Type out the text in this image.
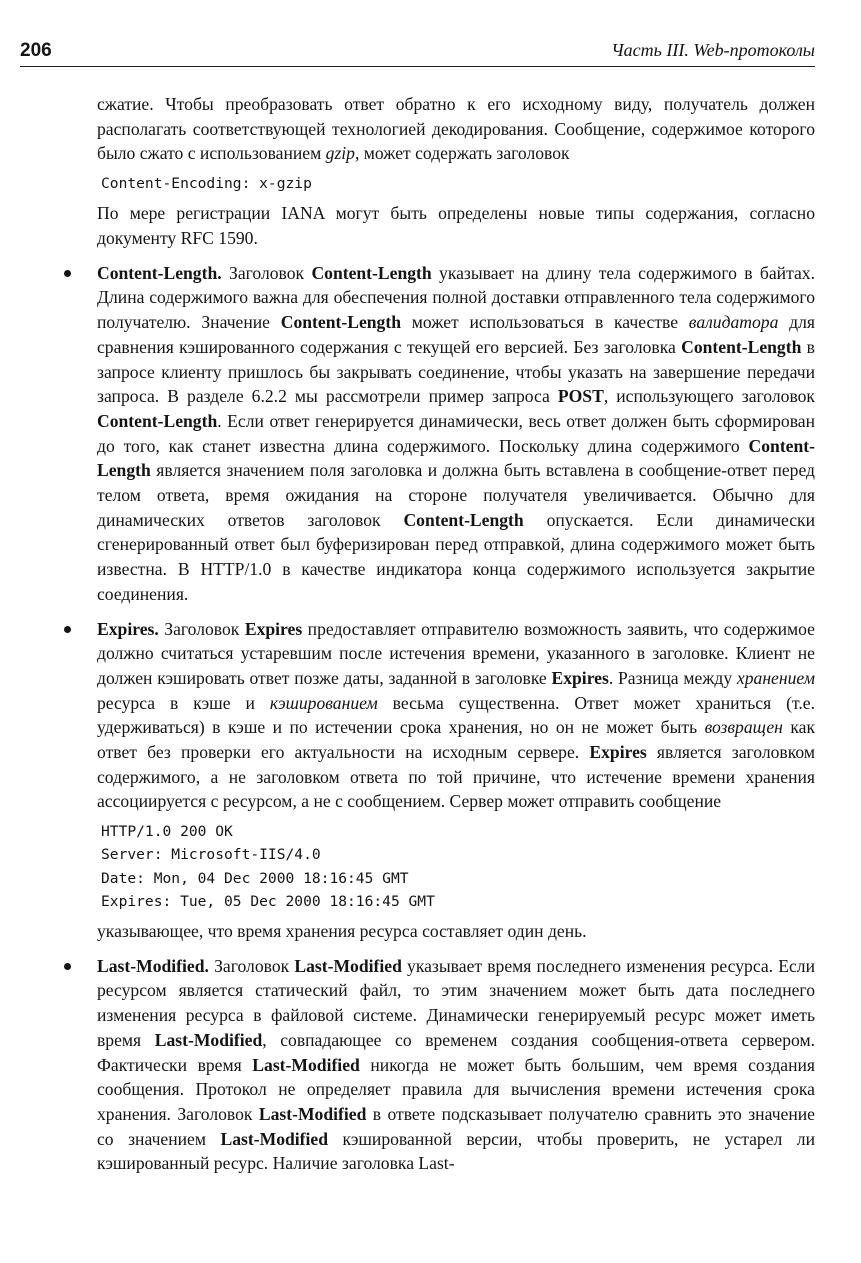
206	Часть III. Web-протоколы

сжатие. Чтобы преобразовать ответ обратно к его исходному виду, получатель должен располагать соответствующей технологией декодирования. Сообщение, содержимое которого было сжато с использованием gzip, может содержать заголовок

Content-Encoding: x-gzip

По мере регистрации IANA могут быть определены новые типы содержания, согласно документу RFC 1590.

Content-Length. Заголовок Content-Length указывает на длину тела содержимого в байтах. Длина содержимого важна для обеспечения полной доставки отправленного тела содержимого получателю. Значение Content-Length может использоваться в качестве валидатора для сравнения кэшированного содержания с текущей его версией. Без заголовка Content-Length в запросе клиенту пришлось бы закрывать соединение, чтобы указать на завершение передачи запроса. В разделе 6.2.2 мы рассмотрели пример запроса POST, использующего заголовок Content-Length. Если ответ генерируется динамически, весь ответ должен быть сформирован до того, как станет известна длина содержимого. Поскольку длина содержимого Content-Length является значением поля заголовка и должна быть вставлена в сообщение-ответ перед телом ответа, время ожидания на стороне получателя увеличивается. Обычно для динамических ответов заголовок Content-Length опускается. Если динамически сгенерированный ответ был буферизирован перед отправкой, длина содержимого может быть известна. В HTTP/1.0 в качестве индикатора конца содержимого используется закрытие соединения.

Expires. Заголовок Expires предоставляет отправителю возможность заявить, что содержимое должно считаться устаревшим после истечения времени, указанного в заголовке. Клиент не должен кэшировать ответ позже даты, заданной в заголовке Expires. Разница между хранением ресурса в кэше и кэшированием весьма существенна. Ответ может храниться (т.е. удерживаться) в кэше и по истечении срока хранения, но он не может быть возвращен как ответ без проверки его актуальности на исходным сервере. Expires является заголовком содержимого, а не заголовком ответа по той причине, что истечение времени хранения ассоциируется с ресурсом, а не с сообщением. Сервер может отправить сообщение

HTTP/1.0 200 OK
Server: Microsoft-IIS/4.0
Date: Mon, 04 Dec 2000 18:16:45 GMT
Expires: Tue, 05 Dec 2000 18:16:45 GMT

указывающее, что время хранения ресурса составляет один день.

Last-Modified. Заголовок Last-Modified указывает время последнего изменения ресурса. Если ресурсом является статический файл, то этим значением может быть дата последнего изменения ресурса в файловой системе. Динамически генерируемый ресурс может иметь время Last-Modified, совпадающее со временем создания сообщения-ответа сервером. Фактически время Last-Modified никогда не может быть большим, чем время создания сообщения. Протокол не определяет правила для вычисления времени истечения срока хранения. Заголовок Last-Modified в ответе подсказывает получателю сравнить это значение со значением Last-Modified кэшированной версии, чтобы проверить, не устарел ли кэшированный ресурс. Наличие заголовка Last-
